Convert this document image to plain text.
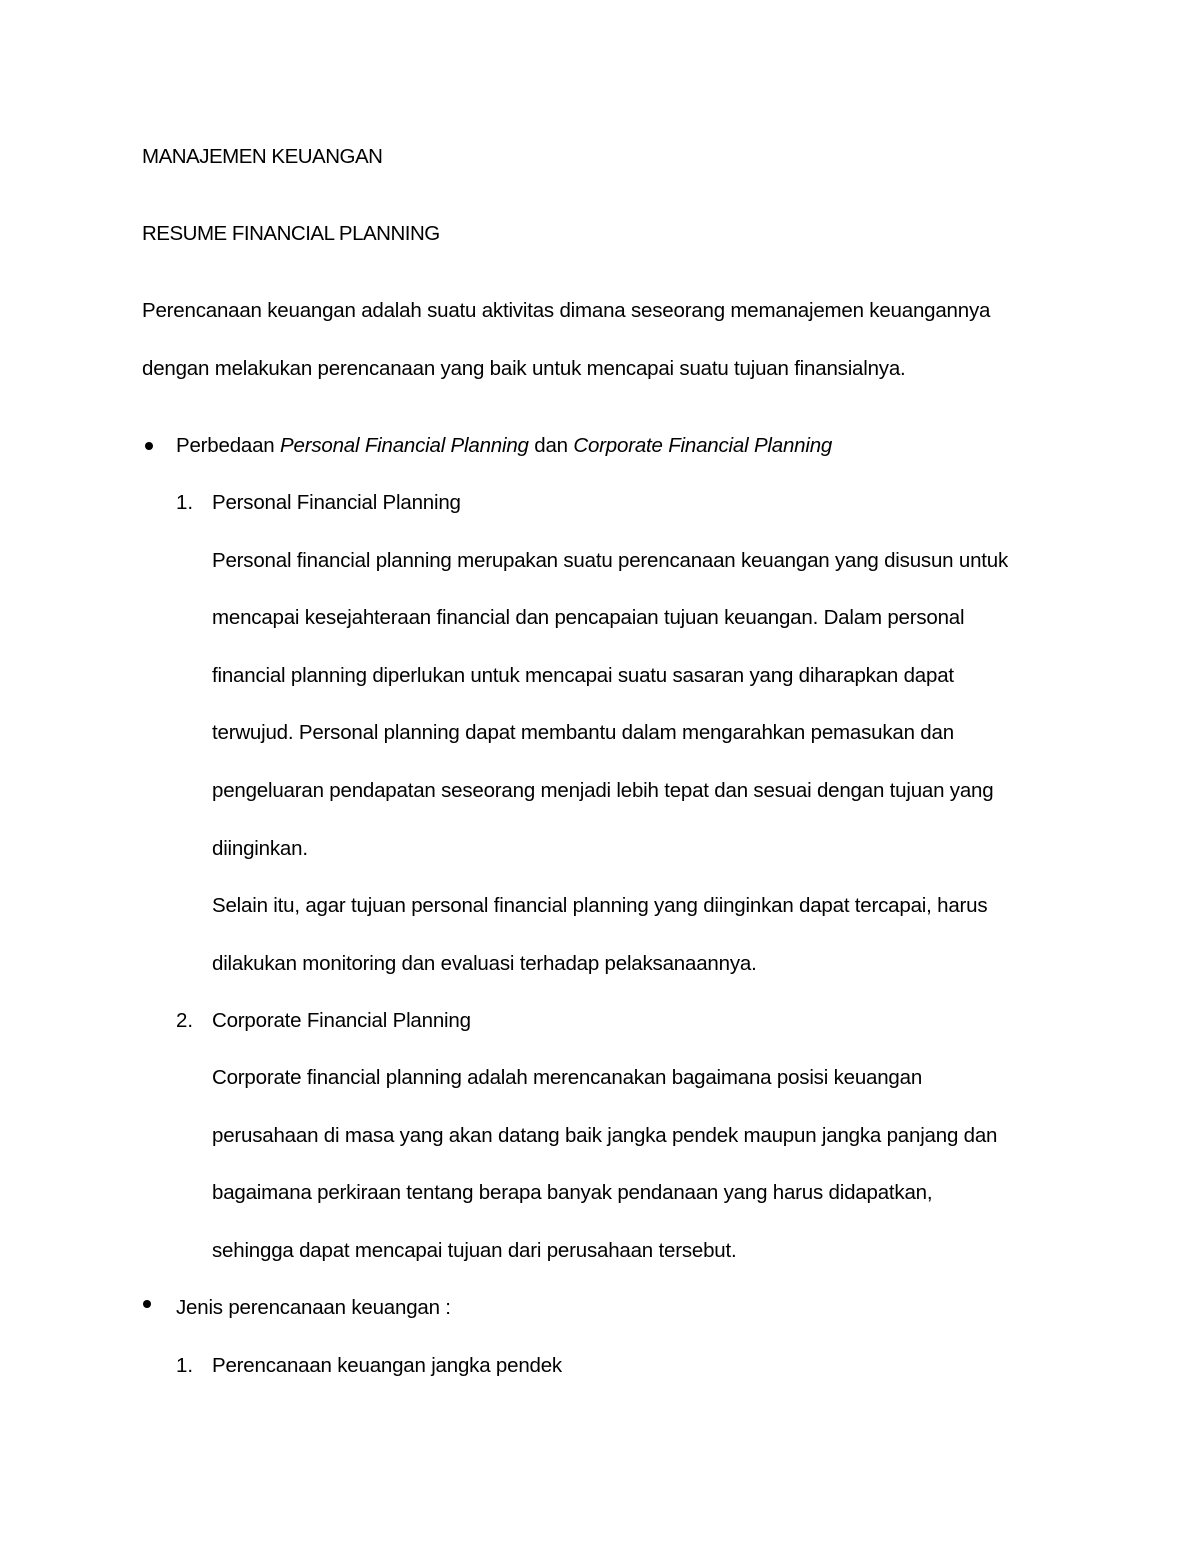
MANAJEMEN KEUANGAN
RESUME FINANCIAL PLANNING
Perencanaan keuangan adalah suatu aktivitas dimana seseorang memanajemen keuangannya
dengan melakukan perencanaan yang baik untuk mencapai suatu tujuan finansialnya.
Perbedaan Personal Financial Planning dan Corporate Financial Planning
1. Personal Financial Planning
Personal financial planning merupakan suatu perencanaan keuangan yang disusun untuk
mencapai kesejahteraan financial dan pencapaian tujuan keuangan. Dalam personal
financial planning diperlukan untuk mencapai suatu sasaran yang diharapkan dapat
terwujud. Personal planning dapat membantu dalam mengarahkan pemasukan dan
pengeluaran pendapatan seseorang menjadi lebih tepat dan sesuai dengan tujuan yang
diinginkan.
Selain itu, agar tujuan personal financial planning yang diinginkan dapat tercapai, harus
dilakukan monitoring dan evaluasi terhadap pelaksanaannya.
2. Corporate Financial Planning
Corporate financial planning adalah merencanakan bagaimana posisi keuangan
perusahaan di masa yang akan datang baik jangka pendek maupun jangka panjang dan
bagaimana perkiraan tentang berapa banyak pendanaan yang harus didapatkan,
sehingga dapat mencapai tujuan dari perusahaan tersebut.
Jenis perencanaan keuangan :
1. Perencanaan keuangan jangka pendek
